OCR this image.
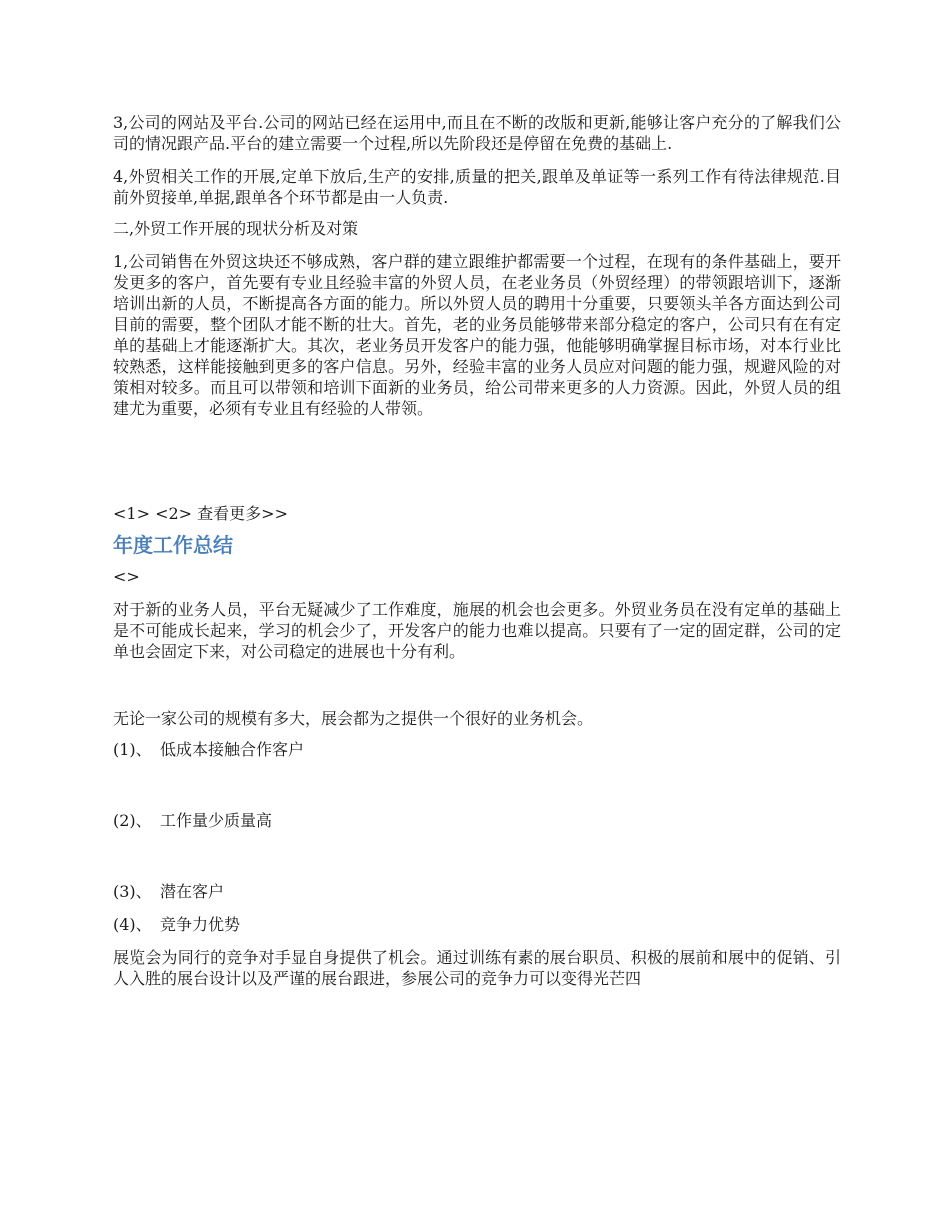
3,公司的网站及平台.公司的网站已经在运用中,而且在不断的改版和更新,能够让客户充分的了解我们公司的情况跟产品.平台的建立需要一个过程,所以先阶段还是停留在免费的基础上.

4,外贸相关工作的开展,定单下放后,生产的安排,质量的把关,跟单及单证等一系列工作有待法律规范.目前外贸接单,单据,跟单各个环节都是由一人负责.

二,外贸工作开展的现状分析及对策

1,公司销售在外贸这块还不够成熟，客户群的建立跟维护都需要一个过程，在现有的条件基础上，要开发更多的客户，首先要有专业且经验丰富的外贸人员，在老业务员（外贸经理）的带领跟培训下，逐渐培训出新的人员，不断提高各方面的能力。所以外贸人员的聘用十分重要，只要领头羊各方面达到公司目前的需要，整个团队才能不断的壮大。首先，老的业务员能够带来部分稳定的客户，公司只有在有定单的基础上才能逐渐扩大。其次，老业务员开发客户的能力强，他能够明确掌握目标市场，对本行业比较熟悉，这样能接触到更多的客户信息。另外，经验丰富的业务人员应对问题的能力强，规避风险的对策相对较多。而且可以带领和培训下面新的业务员，给公司带来更多的人力资源。因此，外贸人员的组建尤为重要，必须有专业且有经验的人带领。

<1> <2> 查看更多>>

年度工作总结

<>

对于新的业务人员，平台无疑减少了工作难度，施展的机会也会更多。外贸业务员在没有定单的基础上是不可能成长起来，学习的机会少了，开发客户的能力也难以提高。只要有了一定的固定群，公司的定单也会固定下来，对公司稳定的进展也十分有利。

无论一家公司的规模有多大，展会都为之提供一个很好的业务机会。

(1)、 低成本接触合作客户

(2)、 工作量少质量高

(3)、 潜在客户

(4)、 竞争力优势

展览会为同行的竞争对手显自身提供了机会。通过训练有素的展台职员、积极的展前和展中的促销、引人入胜的展台设计以及严谨的展台跟进，参展公司的竞争力可以变得光芒四
